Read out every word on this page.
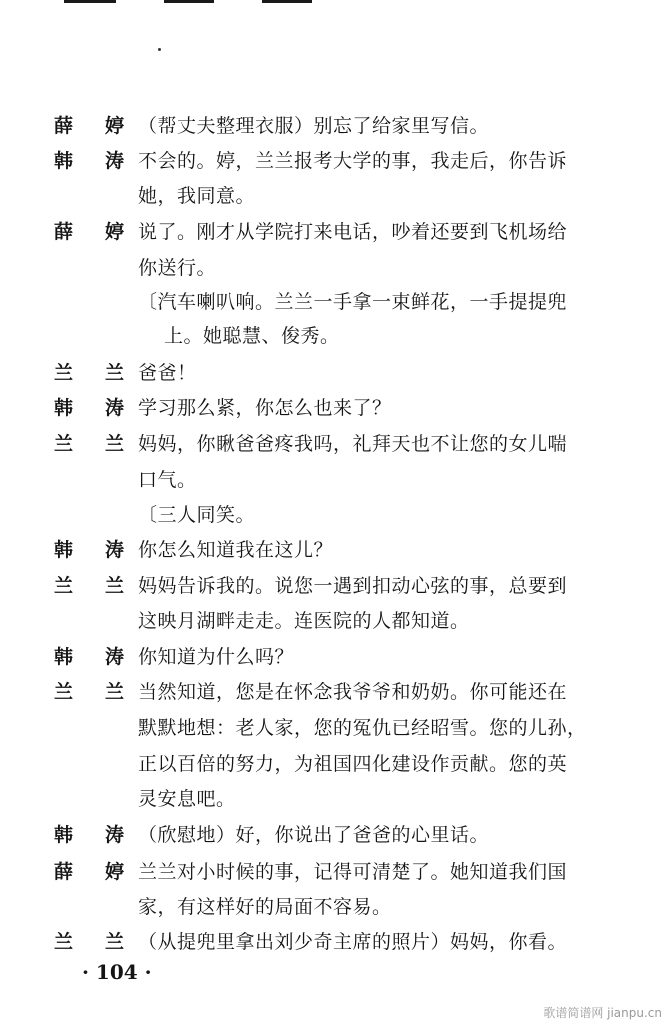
薛 婷 （帮丈夫整理衣服）别忘了给家里写信。
韩 涛 不会的。婷，兰兰报考大学的事，我走后，你告诉
她，我同意。
薛 婷 说了。刚才从学院打来电话，吵着还要到飞机场给
你送行。
〔汽车喇叭响。兰兰一手拿一束鲜花，一手提提兜
上。她聪慧、俊秀。
兰 兰 爸爸！
韩 涛 学习那么紧，你怎么也来了？
兰 兰 妈妈，你瞅爸爸疼我吗，礼拜天也不让您的女儿喘
口气。
〔三人同笑。
韩 涛 你怎么知道我在这儿？
兰 兰 妈妈告诉我的。说您一遇到扣动心弦的事，总要到
这映月湖畔走走。连医院的人都知道。
韩 涛 你知道为什么吗？
兰 兰 当然知道，您是在怀念我爷爷和奶奶。你可能还在
默默地想：老人家，您的冤仇已经昭雪。您的儿孙，
正以百倍的努力，为祖国四化建设作贡献。您的英
灵安息吧。
韩 涛 （欣慰地）好，你说出了爸爸的心里话。
薛 婷 兰兰对小时候的事，记得可清楚了。她知道我们国
家，有这样好的局面不容易。
兰 兰 （从提兜里拿出刘少奇主席的照片）妈妈，你看。
· 104 ·
歌谱简谱网 jianpu.cn
